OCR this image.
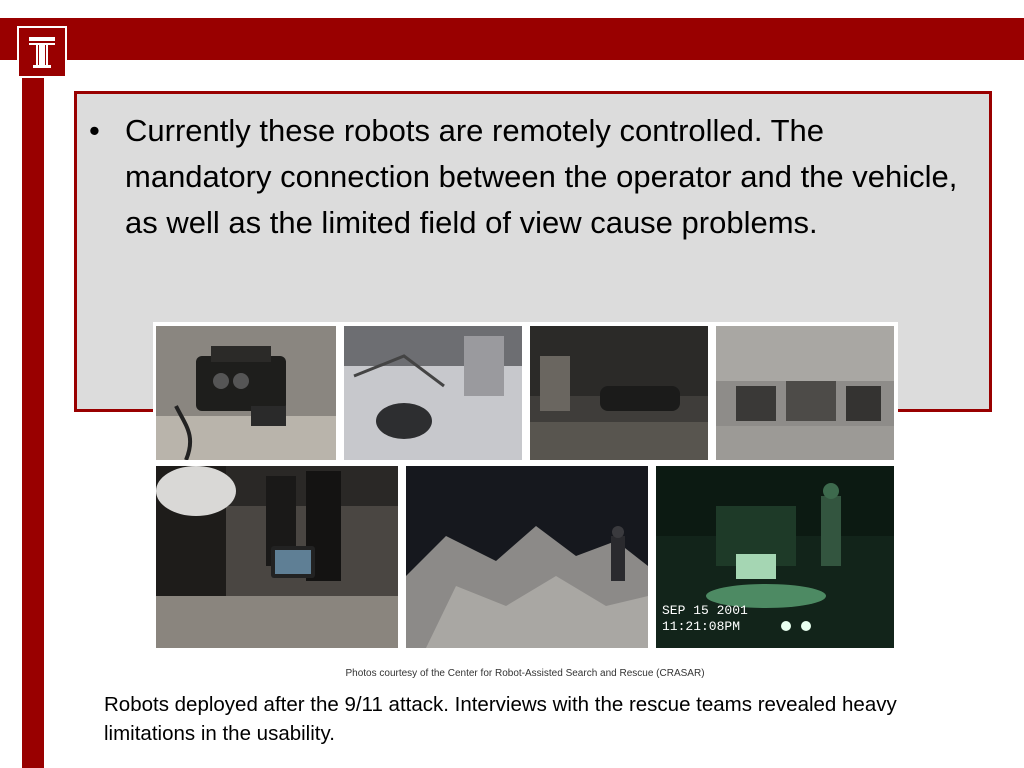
• Currently these robots are remotely controlled. The mandatory connection between the operator and the vehicle, as well as the limited field of view cause problems.
SEP 15 2001
11:21:08PM
Photos courtesy of the Center for Robot-Assisted Search and Rescue (CRASAR)
Robots deployed after the 9/11 attack. Interviews with the rescue teams revealed heavy limitations in the usability.
